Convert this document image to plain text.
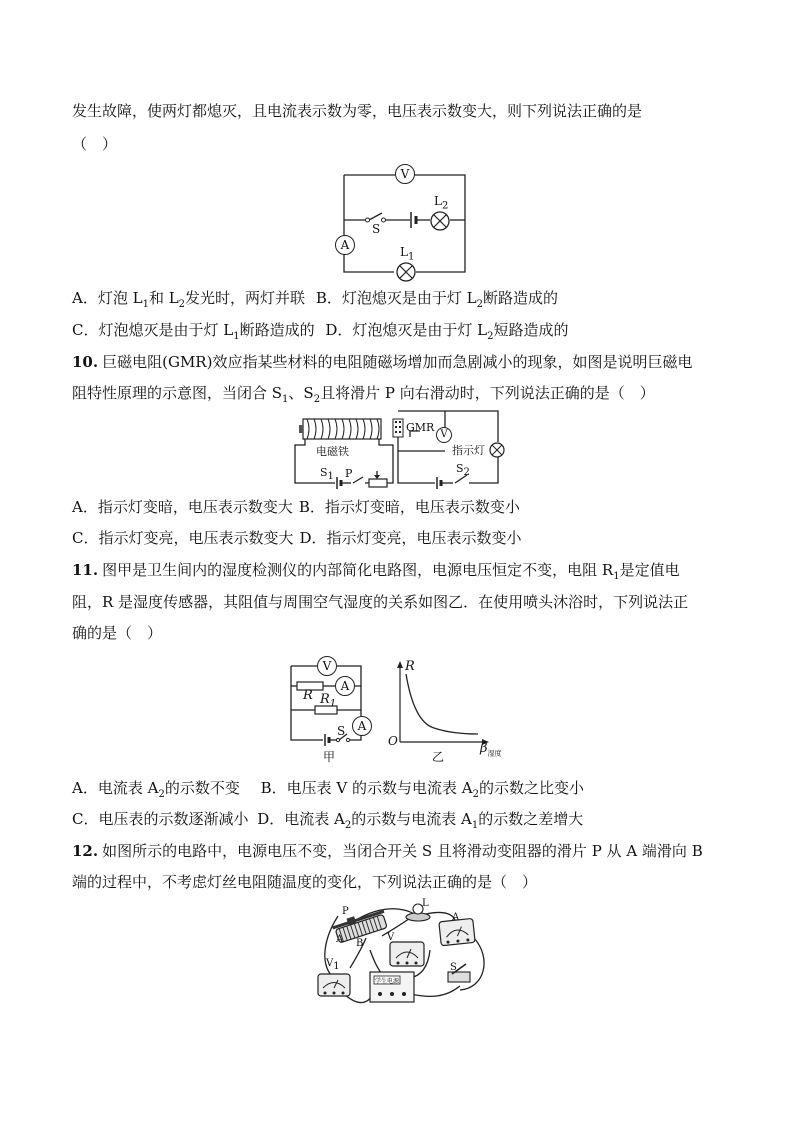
发生故障，使两灯都熄灭，且电流表示数为零，电压表示数变大，则下列说法正确的是
（　）
V
A
$L_2$
$L_1$
S
A．灯泡 $L_1$和 $L_2$发光时，两灯并联 B．灯泡熄灭是由于灯 $L_2$断路造成的
C．灯泡熄灭是由于灯 $L_1$断路造成的 D．灯泡熄灭是由于灯 $L_2$短路造成的
10. 巨磁电阻(GMR)效应指某些材料的电阻随磁场增加而急剧减小的现象，如图是说明巨磁电
阻特性原理的示意图，当闭合 $S_1$、$S_2$且将滑片 P 向右滑动时，下列说法正确的是（　）
电磁铁
$S_1$ P
GMR
V
指示灯
$S_2$
A．指示灯变暗，电压表示数变大 B．指示灯变暗，电压表示数变小
C．指示灯变亮，电压表示数变大 D．指示灯变亮，电压表示数变小
11. 图甲是卫生间内的湿度检测仪的内部简化电路图，电源电压恒定不变，电阻 $R_1$是定值电
阻，R 是湿度传感器，其阻值与周围空气湿度的关系如图乙．在使用喷头沐浴时，下列说法正
确的是（　）
V
A
A
R $R_1$
S
甲
R
O	$\beta_{湿度}$
乙
A．电流表 $A_2$的示数不变 B．电压表 V 的示数与电流表 $A_2$的示数之比变小
C．电压表的示数逐渐减小 D．电流表 $A_2$的示数与电流表 $A_1$的示数之差增大
12. 如图所示的电路中，电源电压不变，当闭合开关 S 且将滑动变阻器的滑片 P 从 A 端滑向 B
端的过程中，不考虑灯丝电阻随温度的变化，下列说法正确的是（　）
P
A B
L
A
V
$V_1$	S
学生电源
